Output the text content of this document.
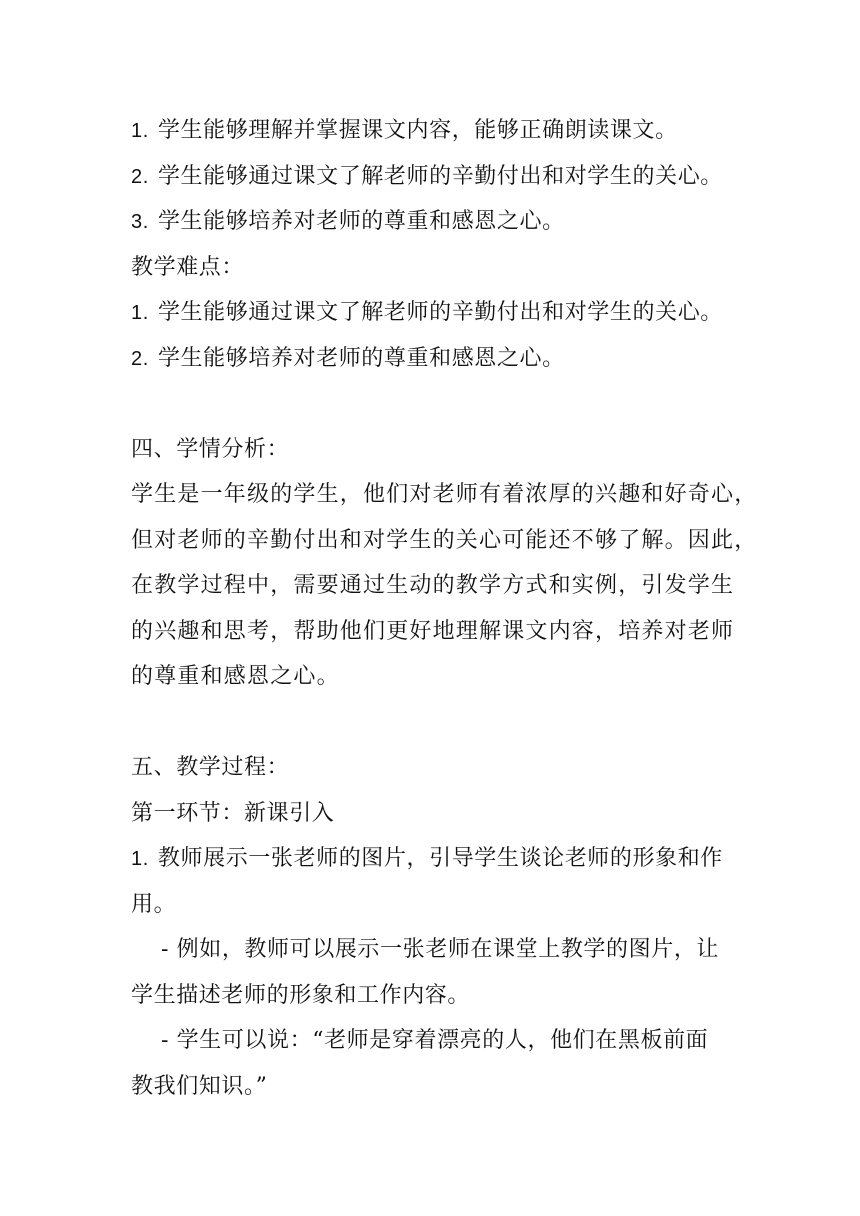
1. 学生能够理解并掌握课文内容，能够正确朗读课文。
2. 学生能够通过课文了解老师的辛勤付出和对学生的关心。
3. 学生能够培养对老师的尊重和感恩之心。
教学难点：
1. 学生能够通过课文了解老师的辛勤付出和对学生的关心。
2. 学生能够培养对老师的尊重和感恩之心。
四、学情分析：
学生是一年级的学生，他们对老师有着浓厚的兴趣和好奇心，
但对老师的辛勤付出和对学生的关心可能还不够了解。因此，
在教学过程中，需要通过生动的教学方式和实例，引发学生
的兴趣和思考，帮助他们更好地理解课文内容，培养对老师
的尊重和感恩之心。
五、教学过程：
第一环节：新课引入
1. 教师展示一张老师的图片，引导学生谈论老师的形象和作
用。
- 例如，教师可以展示一张老师在课堂上教学的图片，让
学生描述老师的形象和工作内容。
- 学生可以说：“老师是穿着漂亮的人，他们在黑板前面
教我们知识。”
